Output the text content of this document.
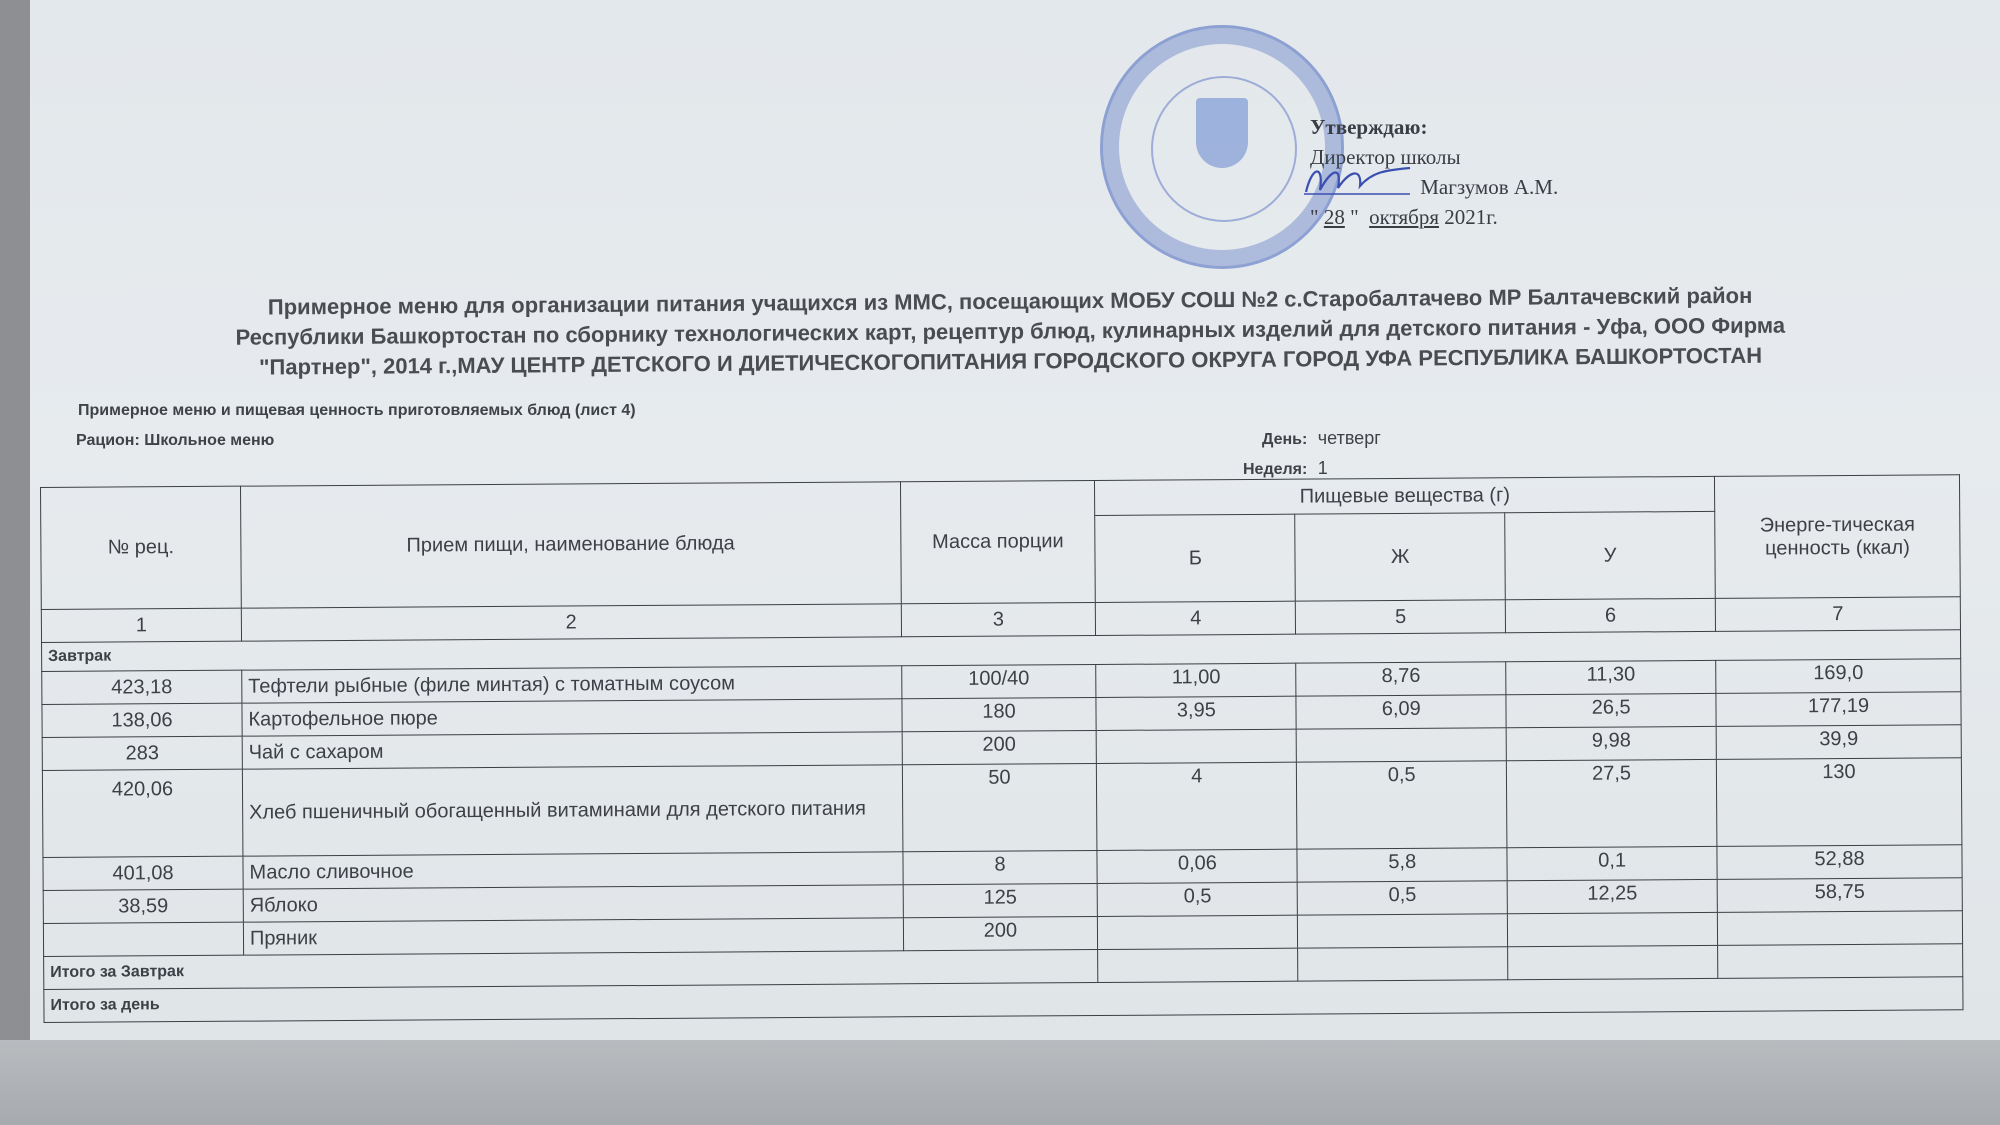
Утверждаю:
Директор школы
Магзумов А.М.
" 28 "  октября 2021г.
Примерное меню для организации питания учащихся из ММС, посещающих МОБУ СОШ №2 с.Старобалтачево МР Балтачевский район
Республики Башкортостан по сборнику технологических карт, рецептур блюд, кулинарных изделий для детского питания - Уфа, ООО Фирма
"Партнер", 2014 г.,МАУ ЦЕНТР ДЕТСКОГО И ДИЕТИЧЕСКОГОПИТАНИЯ ГОРОДСКОГО ОКРУГА ГОРОД УФА РЕСПУБЛИКА БАШКОРТОСТАН
Примерное меню и пищевая ценность приготовляемых блюд (лист 4)
Рацион: Школьное меню	День: четверг
Неделя: 1
№ рец.	Прием пищи, наименование блюда	Масса порции	Пищевые вещества (г)			Энерге-тическая ценность (ккал)
			Б	Ж	У	
1	2	3	4	5	6	7
Завтрак						
423,18	Тефтели рыбные (филе минтая) с томатным соусом	100/40	11,00	8,76	11,30	169,0
138,06	Картофельное пюре	180	3,95	6,09	26,5	177,19
283	Чай с сахаром	200			9,98	39,9
420,06	Хлеб пшеничный обогащенный витаминами для детского питания	50	4	0,5	27,5	130
401,08	Масло сливочное	8	0,06	5,8	0,1	52,88
38,59	Яблоко	125	0,5	0,5	12,25	58,75
	Пряник	200				
Итого за Завтрак						
Итого за день						
